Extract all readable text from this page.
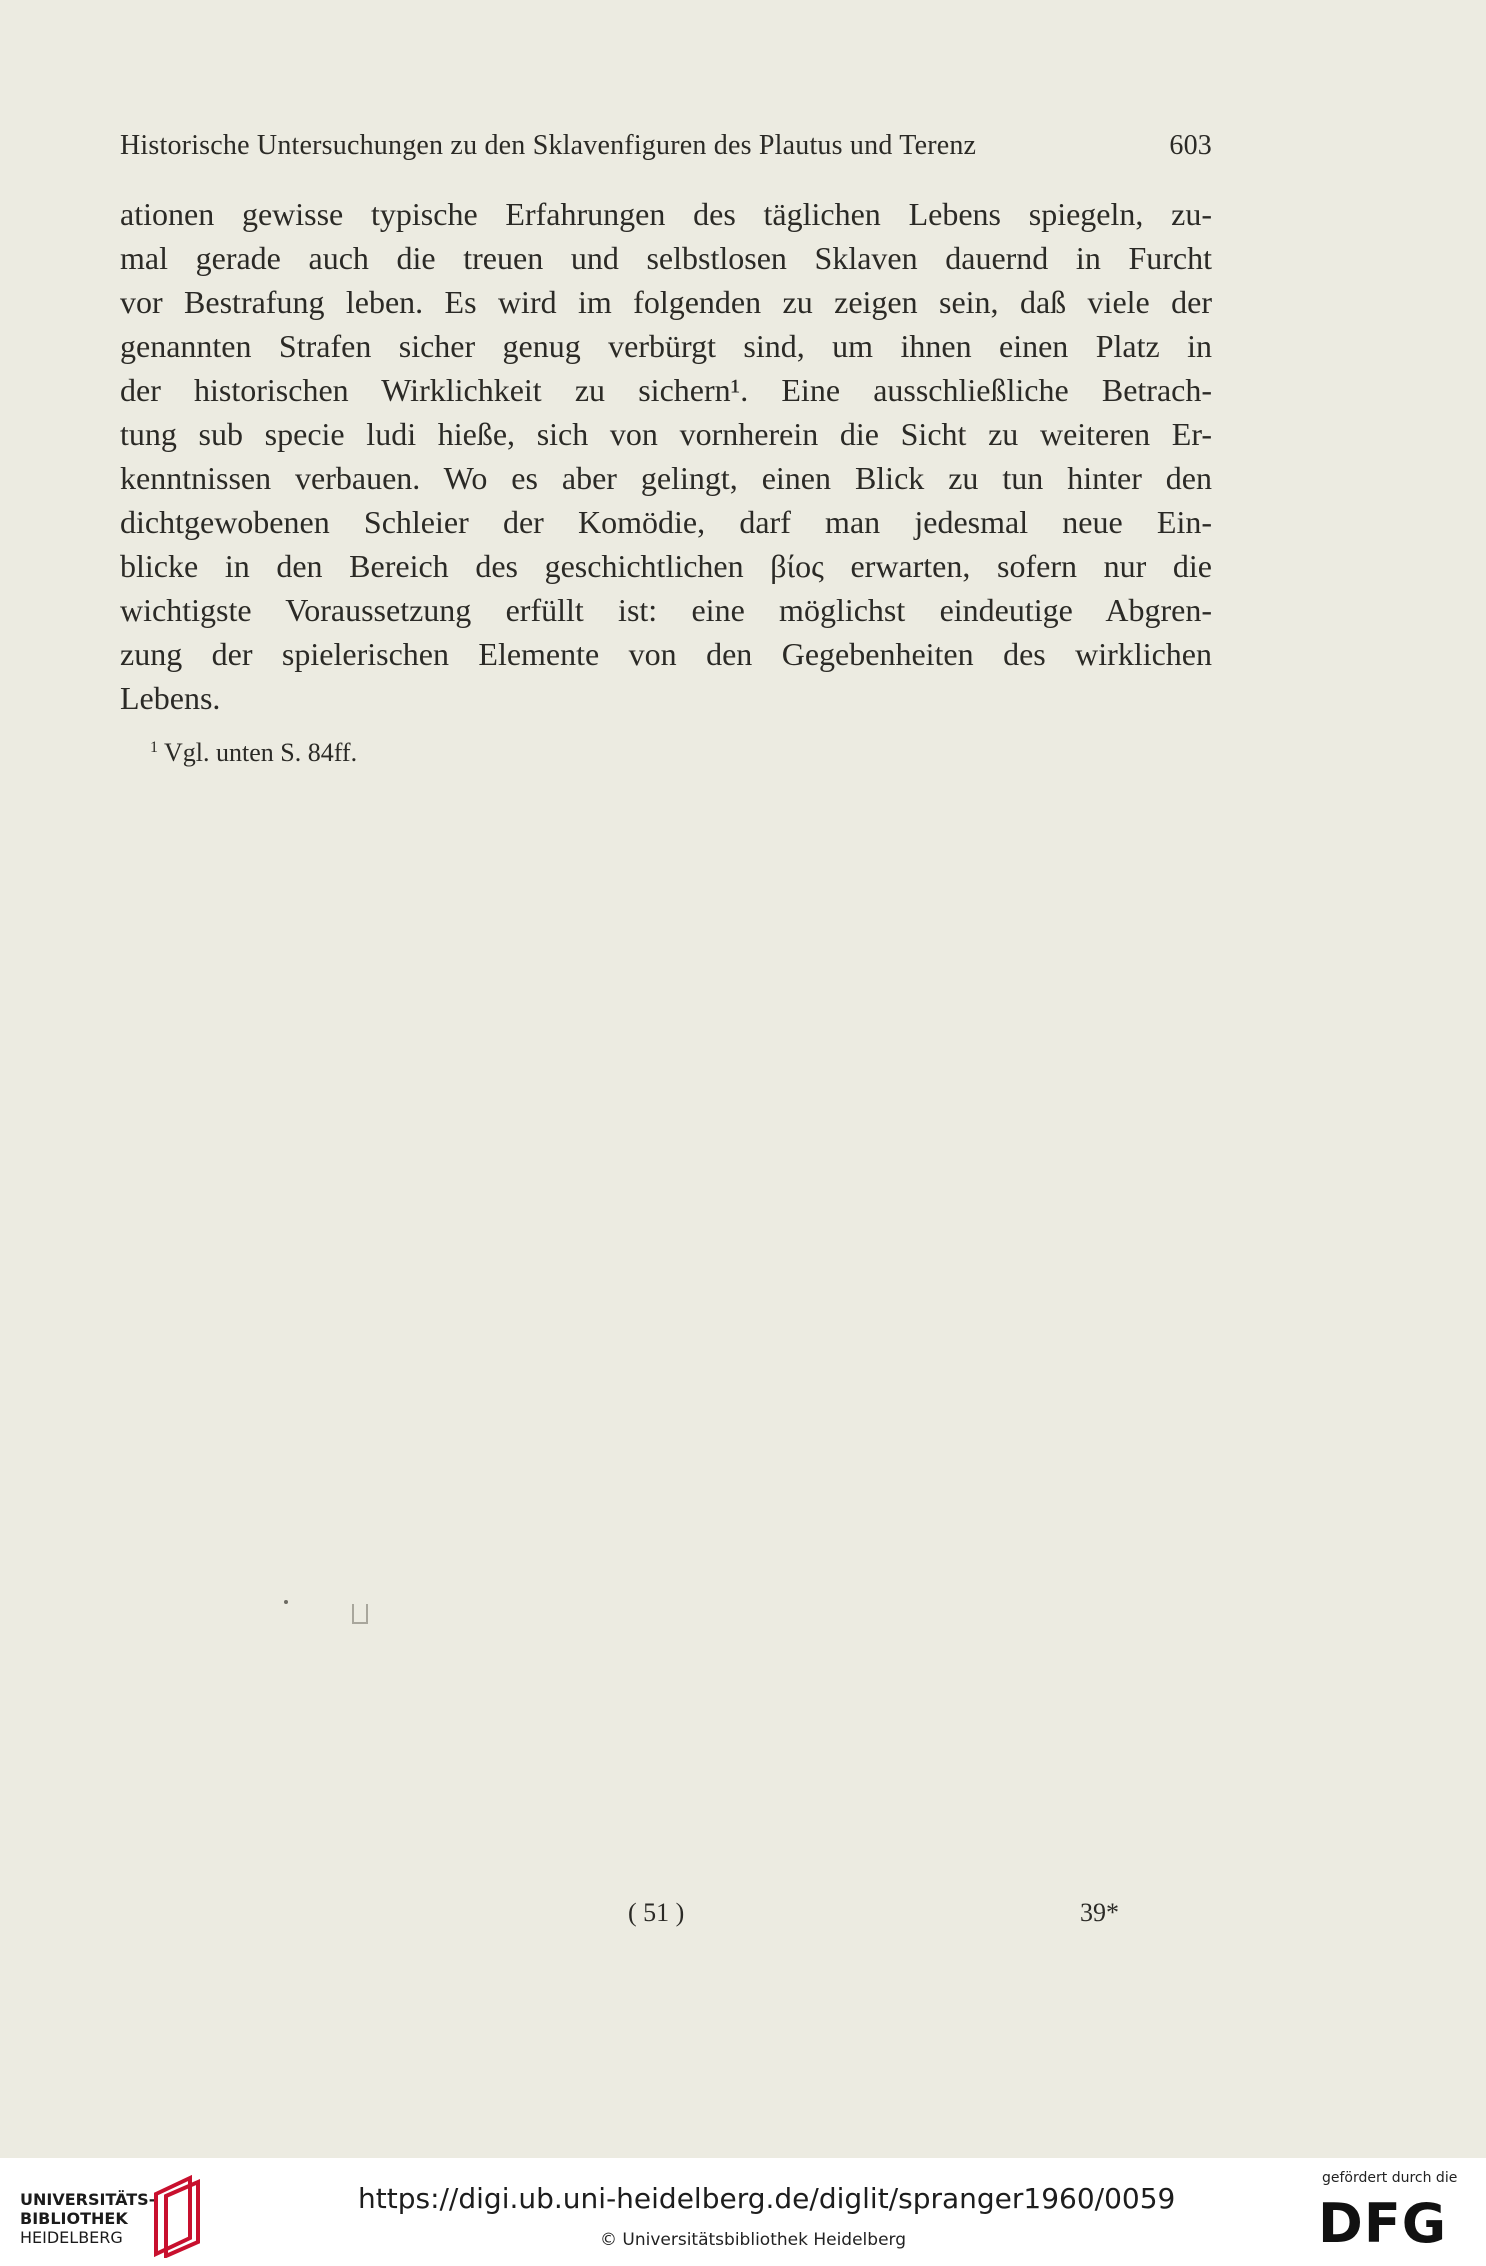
Historische Untersuchungen zu den Sklavenfiguren des Plautus und Terenz	603
ationen gewisse typische Erfahrungen des täglichen Lebens spiegeln, zu-
mal gerade auch die treuen und selbstlosen Sklaven dauernd in Furcht
vor Bestrafung leben. Es wird im folgenden zu zeigen sein, daß viele der
genannten Strafen sicher genug verbürgt sind, um ihnen einen Platz in
der historischen Wirklichkeit zu sichern¹. Eine ausschließliche Betrach-
tung sub specie ludi hieße, sich von vornherein die Sicht zu weiteren Er-
kenntnissen verbauen. Wo es aber gelingt, einen Blick zu tun hinter den
dichtgewobenen Schleier der Komödie, darf man jedesmal neue Ein-
blicke in den Bereich des geschichtlichen βίος erwarten, sofern nur die
wichtigste Voraussetzung erfüllt ist: eine möglichst eindeutige Abgren-
zung der spielerischen Elemente von den Gegebenheiten des wirklichen
Lebens.
$^1$ Vgl. unten S. 84ff.
( 51 )	39*
UNIVERSITÄTS-
BIBLIOTHEK
HEIDELBERG
https://digi.ub.uni-heidelberg.de/diglit/spranger1960/0059
© Universitätsbibliothek Heidelberg
gefördert durch die
DFG
